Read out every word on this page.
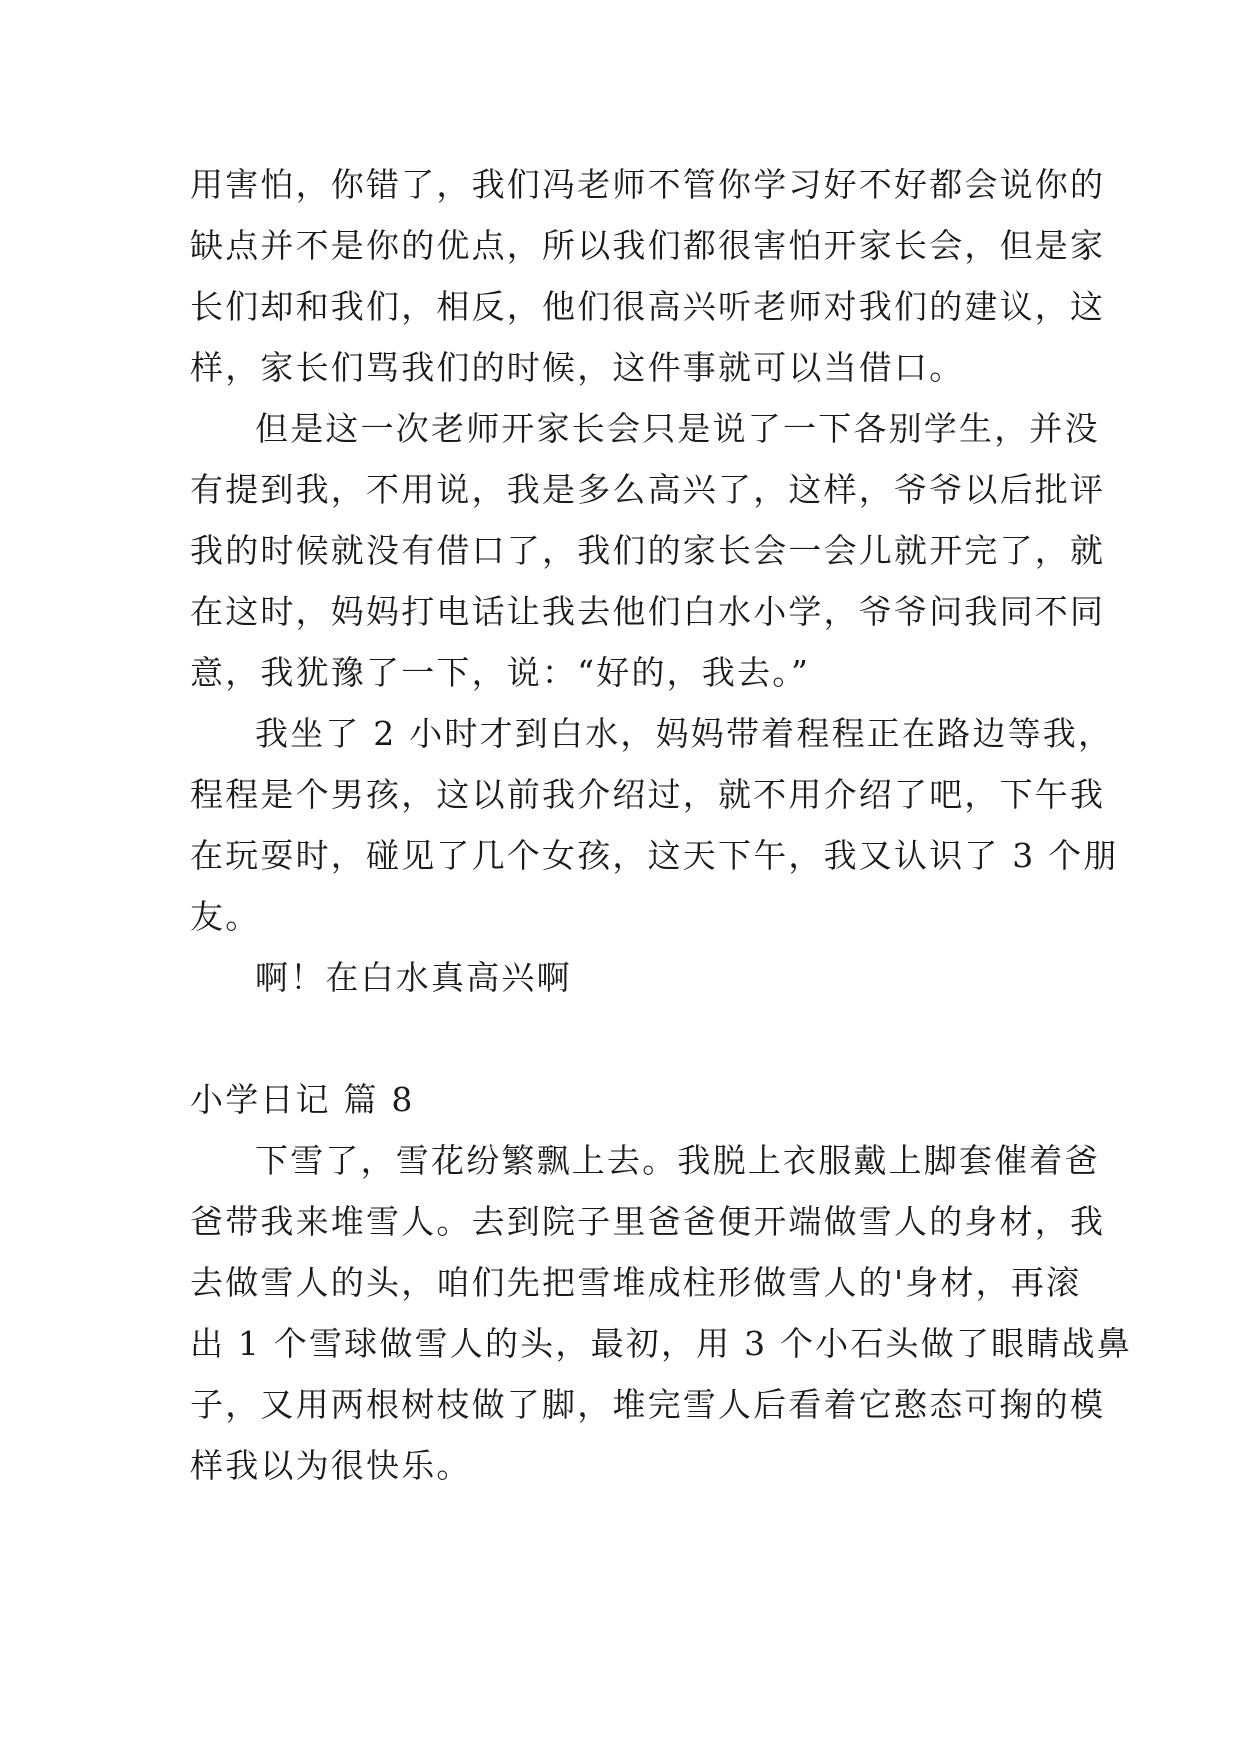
用害怕，你错了，我们冯老师不管你学习好不好都会说你的
缺点并不是你的优点，所以我们都很害怕开家长会，但是家
长们却和我们，相反，他们很高兴听老师对我们的建议，这
样，家长们骂我们的时候，这件事就可以当借口。
但是这一次老师开家长会只是说了一下各别学生，并没
有提到我，不用说，我是多么高兴了，这样，爷爷以后批评
我的时候就没有借口了，我们的家长会一会儿就开完了，就
在这时，妈妈打电话让我去他们白水小学，爷爷问我同不同
意，我犹豫了一下，说：“好的，我去。”
我坐了 2 小时才到白水，妈妈带着程程正在路边等我，
程程是个男孩，这以前我介绍过，就不用介绍了吧，下午我
在玩耍时，碰见了几个女孩，这天下午，我又认识了 3 个朋
友。
啊！在白水真高兴啊
小学日记 篇 8
下雪了，雪花纷繁飘上去。我脱上衣服戴上脚套催着爸
爸带我来堆雪人。去到院子里爸爸便开端做雪人的身材，我
去做雪人的头，咱们先把雪堆成柱形做雪人的'身材，再滚
出 1 个雪球做雪人的头，最初，用 3 个小石头做了眼睛战鼻
子，又用两根树枝做了脚，堆完雪人后看着它憨态可掬的模
样我以为很快乐。
